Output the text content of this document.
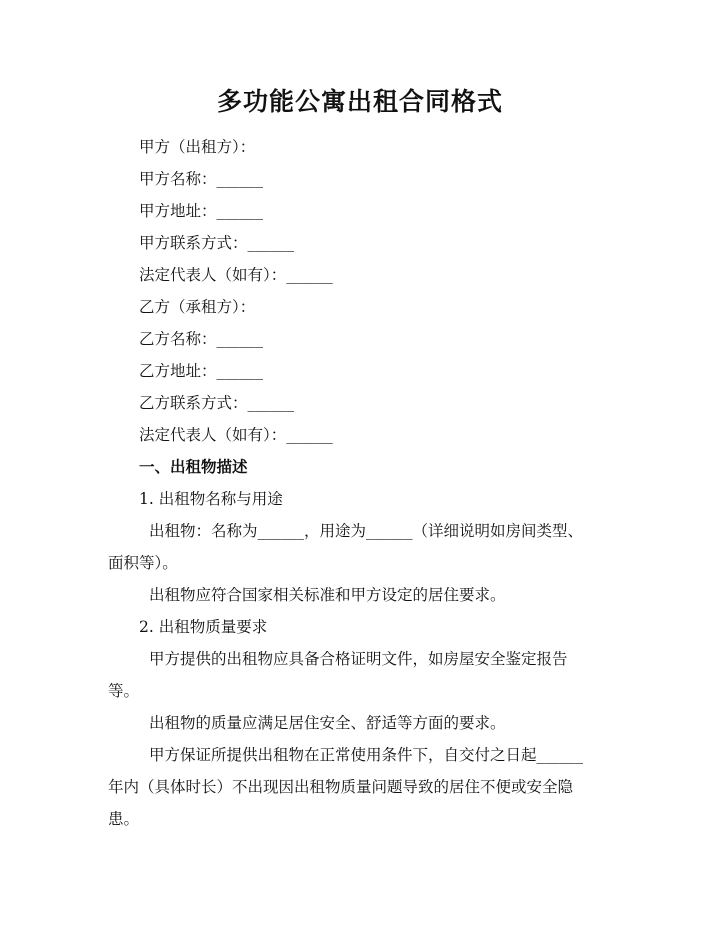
多功能公寓出租合同格式
甲方（出租方）：
甲方名称：______
甲方地址：______
甲方联系方式：______
法定代表人（如有）：______
乙方（承租方）：
乙方名称：______
乙方地址：______
乙方联系方式：______
法定代表人（如有）：______
一、出租物描述
1. 出租物名称与用途
出租物：名称为______，用途为______（详细说明如房间类型、
面积等）。
出租物应符合国家相关标准和甲方设定的居住要求。
2. 出租物质量要求
甲方提供的出租物应具备合格证明文件，如房屋安全鉴定报告
等。
出租物的质量应满足居住安全、舒适等方面的要求。
甲方保证所提供出租物在正常使用条件下，自交付之日起______
年内（具体时长）不出现因出租物质量问题导致的居住不便或安全隐
患。
